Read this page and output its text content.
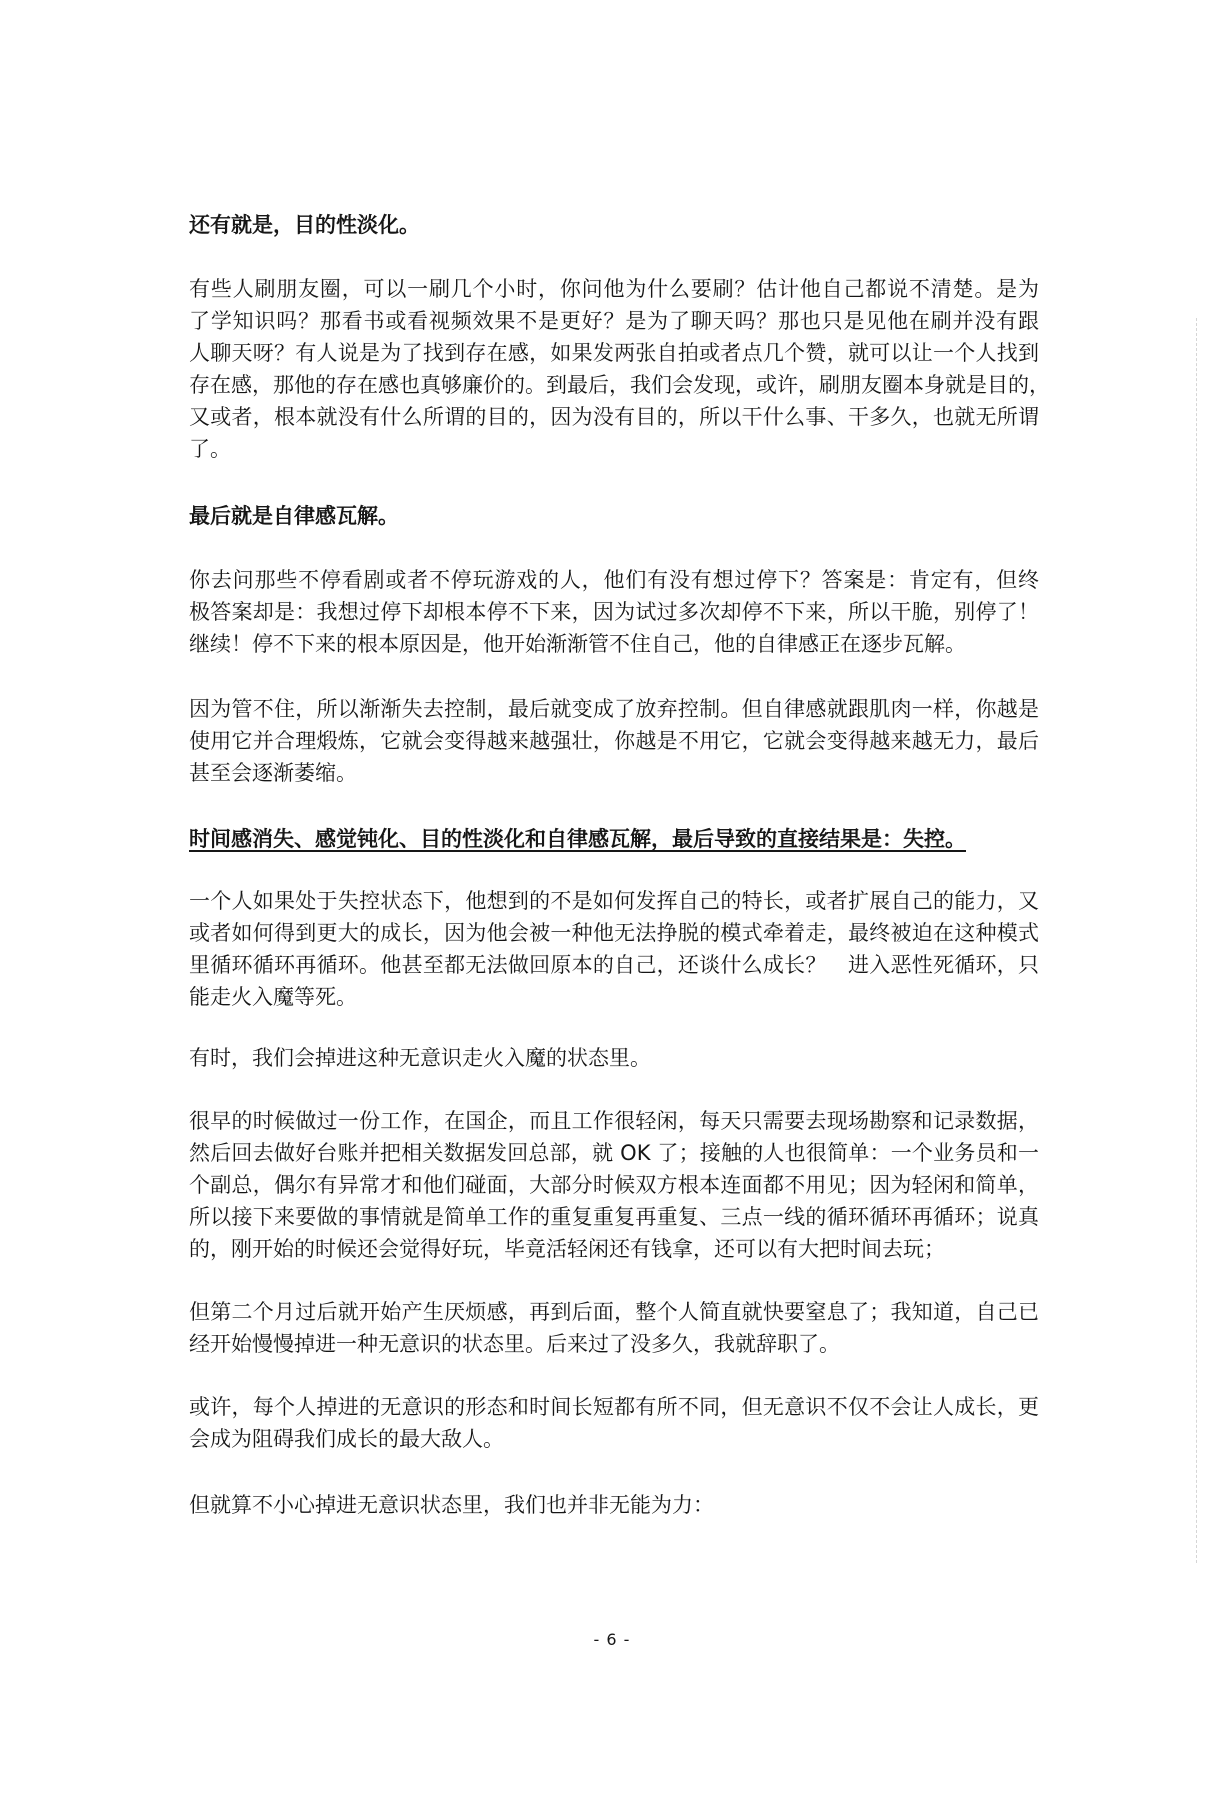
还有就是，目的性淡化。
有些人刷朋友圈，可以一刷几个小时，你问他为什么要刷？估计他自己都说不清楚。是为
了学知识吗？那看书或看视频效果不是更好？是为了聊天吗？那也只是见他在刷并没有跟
人聊天呀？有人说是为了找到存在感，如果发两张自拍或者点几个赞，就可以让一个人找到
存在感，那他的存在感也真够廉价的。到最后，我们会发现，或许，刷朋友圈本身就是目的，
又或者，根本就没有什么所谓的目的，因为没有目的，所以干什么事、干多久，也就无所谓
了。
最后就是自律感瓦解。
你去问那些不停看剧或者不停玩游戏的人，他们有没有想过停下？答案是：肯定有，但终
极答案却是：我想过停下却根本停不下来，因为试过多次却停不下来，所以干脆，别停了！
继续！停不下来的根本原因是，他开始渐渐管不住自己，他的自律感正在逐步瓦解。
因为管不住，所以渐渐失去控制，最后就变成了放弃控制。但自律感就跟肌肉一样，你越是
使用它并合理煅炼，它就会变得越来越强壮，你越是不用它，它就会变得越来越无力，最后
甚至会逐渐萎缩。
时间感消失、感觉钝化、目的性淡化和自律感瓦解，最后导致的直接结果是：失控。
一个人如果处于失控状态下，他想到的不是如何发挥自己的特长，或者扩展自己的能力，又
或者如何得到更大的成长，因为他会被一种他无法挣脱的模式牵着走，最终被迫在这种模式
里循环循环再循环。他甚至都无法做回原本的自己，还谈什么成长？　进入恶性死循环，只
能走火入魔等死。
有时，我们会掉进这种无意识走火入魔的状态里。
很早的时候做过一份工作，在国企，而且工作很轻闲，每天只需要去现场勘察和记录数据，
然后回去做好台账并把相关数据发回总部，就 OK 了；接触的人也很简单：一个业务员和一
个副总，偶尔有异常才和他们碰面，大部分时候双方根本连面都不用见；因为轻闲和简单，
所以接下来要做的事情就是简单工作的重复重复再重复、三点一线的循环循环再循环；说真
的，刚开始的时候还会觉得好玩，毕竟活轻闲还有钱拿，还可以有大把时间去玩；
但第二个月过后就开始产生厌烦感，再到后面，整个人简直就快要窒息了；我知道，自己已
经开始慢慢掉进一种无意识的状态里。后来过了没多久，我就辞职了。
或许，每个人掉进的无意识的形态和时间长短都有所不同，但无意识不仅不会让人成长，更
会成为阻碍我们成长的最大敌人。
但就算不小心掉进无意识状态里，我们也并非无能为力：
- 6 -
